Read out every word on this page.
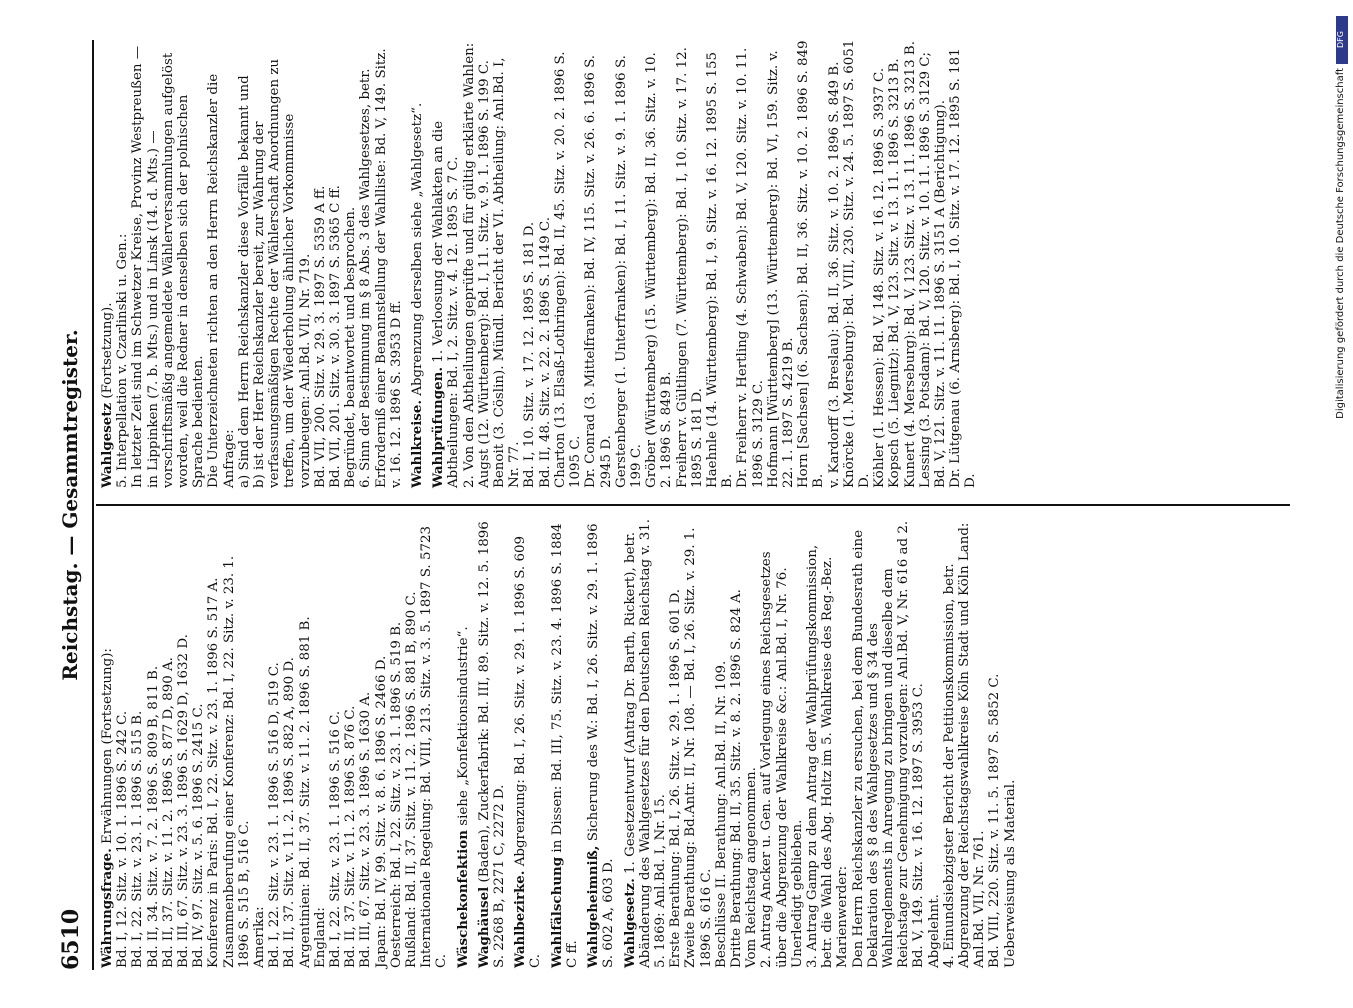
6510
Reichstag. — Gesammtregister.
Währungsfrage. Erwähnungen (Fortsetzung): Bd. I, 12. Sitz. v. 10. 1. 1896 S. 242 C. Bd. I, 22. Sitz. v. 23. 1. 1896 S. 515 B. Bd. II, 34. Sitz. v. 7. 2. 1896 S. 809 B, 811 B. Bd. II, 37. Sitz. v. 11. 2. 1896 S. 877 D, 890 A. Bd. III, 67. Sitz. v. 23. 3. 1896 S. 1629 D, 1632 D. Bd. IV, 97. Sitz. v. 5. 6. 1896 S. 2415 C. Konferenz in Paris: Bd. I, 22. Sitz. v. 23. 1. 1896 S. 517 A. Zusammenberufung einer Konferenz: Bd. I, 22. Sitz. v. 23. 1. 1896 S. 515 B, 516 C. Amerika: Bd. I, 22. Sitz. v. 23. 1. 1896 S. 516 D, 519 C. Bd. II, 37. Sitz. v. 11. 2. 1896 S. 882 A, 890 D. Argentinien: Bd. II, 37. Sitz. v. 11. 2. 1896 S. 881 B. England: Bd. I, 22. Sitz. v. 23. 1. 1896 S. 516 C. Bd. II, 37. Sitz. v. 11. 2. 1896 S. 876 C. Bd. III, 67. Sitz. v. 23. 3. 1896 S. 1630 A. Japan: Bd. IV, 99. Sitz. v. 8. 6. 1896 S. 2466 D. Oesterreich: Bd. I, 22. Sitz. v. 23. 1. 1896 S. 519 B. Rußland: Bd. II, 37. Sitz. v. 11. 2. 1896 S. 881 B, 890 C. Internationale Regelung: Bd. VIII, 213. Sitz. v. 3. 5. 1897 S. 5723 C. Wäschekonfektion siehe „Konfektionsindustrie“.
Waghäusel (Baden), Zuckerfabrik: Bd. III, 89. Sitz. v. 12. 5. 1896 S. 2268 B, 2271 C, 2272 D. Wahlbezirke. Abgrenzung: Bd. I, 26. Sitz. v. 29. 1. 1896 S. 609 C. Wahlfälschung in Dissen: Bd. III, 75. Sitz. v. 23. 4. 1896 S. 1884 C ff. Wahlgeheimniß, Sicherung des W.: Bd. I, 26. Sitz. v. 29. 1. 1896 S. 602 A, 603 D. Wahlgesetz. 1. Gesetzentwurf (Antrag Dr. Barth, Rickert), betr. Abänderung des Wahlgesetzes für den Deutschen Reichstag v. 31. 5. 1869: Anl.Bd. I, Nr. 15. Erste Berathung: Bd. I, 26. Sitz. v. 29. 1. 1896 S. 601 D. Zweite Berathung: Bd.Antr. II, Nr. 108. — Bd. I, 26. Sitz. v. 29. 1. 1896 S. 616 C. Beschlüsse II. Berathung: Anl.Bd. II, Nr. 109. Dritte Berathung: Bd. II, 35. Sitz. v. 8. 2. 1896 S. 824 A. Vom Reichstag angenommen. 2. Antrag Ancker u. Gen. auf Vorlegung eines Reichsgesetzes über die Abgrenzung der Wahlkreise &c.: Anl.Bd. I, Nr. 76. Unerledigt geblieben. 3. Antrag Gamp zu dem Antrag der Wahlprüfungskommission, betr. die Wahl des Abg. Holtz im 5. Wahlkreise des Reg.-Bez. Marienwerder: Den Herrn Reichskanzler zu ersuchen, bei dem Bundesrath eine Deklaration des § 8 des Wahlgesetzes und § 34 des Wahlreglements in Anregung zu bringen und dieselbe dem Reichstage zur Genehmigung vorzulegen: Anl.Bd. V, Nr. 616 ad 2. Bd. V, 149. Sitz. v. 16. 12. 1897 S. 3953 C. Abgelehnt. 4. Einundsiebzigster Bericht der Petitionskommission, betr. Abgrenzung der Reichstagswahlkreise Köln Stadt und Köln Land: Anl.Bd. VII, Nr. 761. Bd. VIII, 220. Sitz. v. 11. 5. 1897 S. 5852 C. Ueberweisung als Material.
Wahlgesetz (Fortsetzung). 5. Interpellation v. Czarlinski u. Gen.: In letzter Zeit sind im Schwetzer Kreise, Provinz Westpreußen — in Lippinken (7. b. Mts.) und in Linsk (14. d. Mts.) — vorschriftsmäßig angemeldete Wählerversammlungen aufgelöst worden, weil die Redner in denselben sich der polnischen Sprache bedienten. Die Unterzeichneten richten an den Herrn Reichskanzler die Anfrage: a) Sind dem Herrn Reichskanzler diese Vorfälle bekannt und b) ist der Herr Reichskanzler bereit, zur Wahrung der verfassungsmäßigen Rechte der Wählerschaft Anordnungen zu treffen, um der Wiederholung ähnlicher Vorkommnisse vorzubeugen: Anl.Bd. VII, Nr. 719. Bd. VII, 200. Sitz. v. 29. 3. 1897 S. 5359 A ff. Bd. VII, 201. Sitz. v. 30. 3. 1897 S. 5365 C ff. Begründet, beantwortet und besprochen. 6. Sinn der Bestimmung im § 8 Abs. 3 des Wahlgesetzes, betr. Erforderniß einer Benannstellung der Wahlliste: Bd. V, 149. Sitz. v. 16. 12. 1896 S. 3953 D ff. Wahlkreise. Abgrenzung derselben siehe „Wahlgesetz“.
Wahlprüfungen. 1. Verloosung der Wahlakten an die Abtheilungen: Bd. I, 2. Sitz. v. 4. 12. 1895 S. 7 C. 2. Von den Abtheilungen geprüfte und für gültig erklärte Wahlen: Augst (12. Württemberg): Bd. I, 11. Sitz. v. 9. 1. 1896 S. 199 C. Benoit (3. Cöslin). Mündl. Bericht der VI. Abtheilung: Anl.Bd. I, Nr. 77. Bd. I, 10. Sitz. v. 17. 12. 1895 S. 181 D. Bd. II, 48. Sitz. v. 22. 2. 1896 S. 1149 C. Charton (13. Elsaß-Lothringen): Bd. II, 45. Sitz. v. 20. 2. 1896 S. 1095 C. Dr. Conrad (3. Mittelfranken): Bd. IV, 115. Sitz. v. 26. 6. 1896 S. 2945 D. Gerstenberger (1. Unterfranken): Bd. I, 11. Sitz. v. 9. 1. 1896 S. 199 C. Gröber (Württemberg) (15. Württemberg): Bd. II, 36. Sitz. v. 10. 2. 1896 S. 849 B. Freiherr v. Gültlingen (7. Württemberg): Bd. I, 10. Sitz. v. 17. 12. 1895 S. 181 D. Haehnle (14. Württemberg): Bd. I, 9. Sitz. v. 16. 12. 1895 S. 155 B. Dr. Freiherr v. Hertling (4. Schwaben): Bd. V, 120. Sitz. v. 10. 11. 1896 S. 3129 C. Hofmann [Württemberg] (13. Württemberg): Bd. VI, 159. Sitz. v. 22. 1. 1897 S. 4219 B. Horn [Sachsen] (6. Sachsen): Bd. II, 36. Sitz. v. 10. 2. 1896 S. 849 B. v. Kardorff (3. Breslau): Bd. II, 36. Sitz. v. 10. 2. 1896 S. 849 B. Knörcke (1. Merseburg): Bd. VIII, 230. Sitz. v. 24. 5. 1897 S. 6051 D. Köhler (1. Hessen): Bd. V, 148. Sitz. v. 16. 12. 1896 S. 3937 C. Kopsch (5. Liegnitz): Bd. V, 123. Sitz. v. 13. 11. 1896 S. 3213 B. Kunert (4. Merseburg): Bd. V, 123. Sitz. v. 13. 11. 1896 S. 3213 B. Lessing (3. Potsdam): Bd. V, 120. Sitz. v. 10. 11. 1896 S. 3129 C; Bd. V, 121. Sitz. v. 11. 11. 1896 S. 3151 A (Berichtigung). Dr. Lütgenau (6. Arnsberg): Bd. I, 10. Sitz. v. 17. 12. 1895 S. 181 D.
DFG
Digitalisierung gefördert durch die Deutsche Forschungsgemeinschaft
